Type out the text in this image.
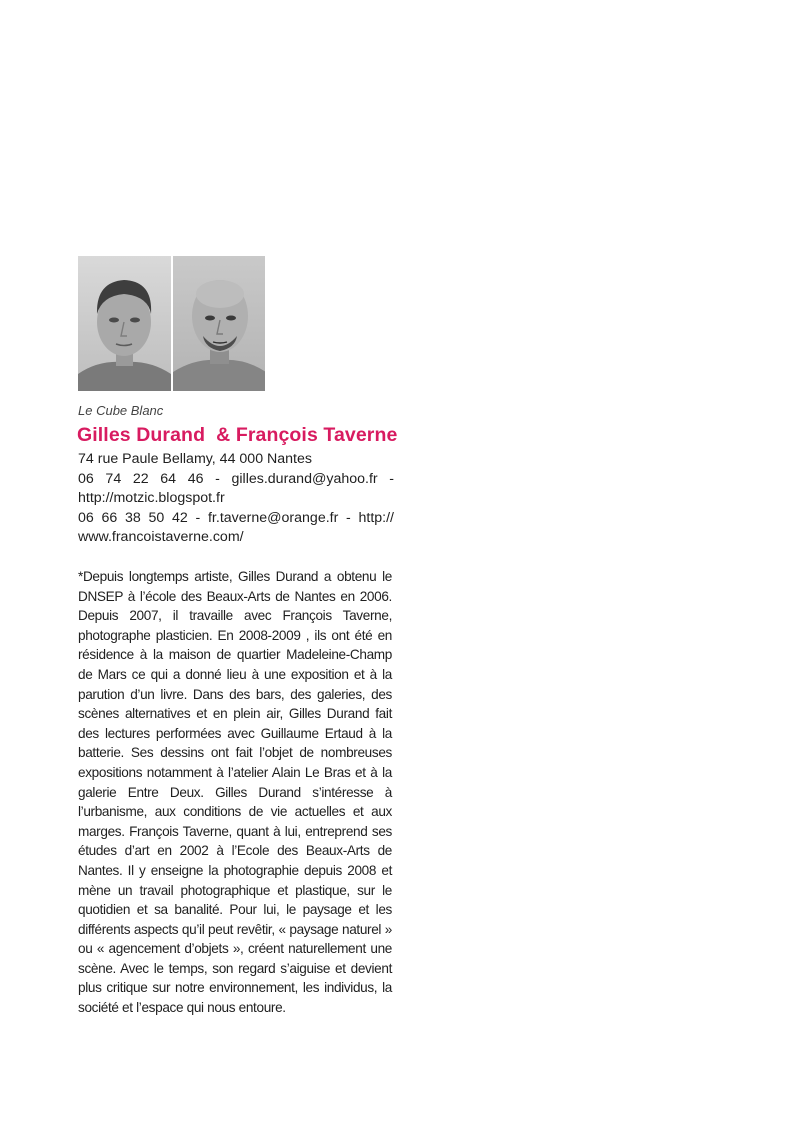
Le Cube Blanc
Gilles Durand  & François Taverne
74 rue Paule Bellamy, 44 000 Nantes
06 74 22 64 46 - gilles.durand@yahoo.fr -
http://motzic.blogspot.fr
06 66 38 50 42 - fr.taverne@orange.fr - http://
www.francoistaverne.com/

*Depuis longtemps artiste, Gilles Durand a obtenu le DNSEP à l’école des Beaux-Arts de Nantes en 2006. Depuis 2007, il travaille avec François Taverne, photographe plasticien. En 2008-2009 , ils ont été en résidence à la maison de quartier Madeleine-Champ de Mars ce qui a donné lieu à une exposition et à la parution d’un livre. Dans des bars, des galeries, des scènes alternatives et en plein air, Gilles Durand fait des lectures performées avec Guillaume Ertaud à la batterie. Ses dessins ont fait l’objet de nombreuses expositions notamment à l’atelier Alain Le Bras et à la galerie Entre Deux. Gilles Durand s’intéresse à l’urbanisme, aux conditions de vie actuelles et aux marges. François Taverne, quant à lui, entreprend ses études d’art en 2002 à l’Ecole des Beaux-Arts de Nantes. Il y enseigne la photographie depuis 2008 et mène un travail photographique et plastique, sur le quotidien et sa banalité. Pour lui, le paysage et les différents aspects qu’il peut revêtir, « paysage naturel » ou « agencement d’objets », créent naturellement une scène. Avec le temps, son regard s’aiguise et devient plus critique sur notre environnement, les individus, la société et l’espace qui nous entoure.
